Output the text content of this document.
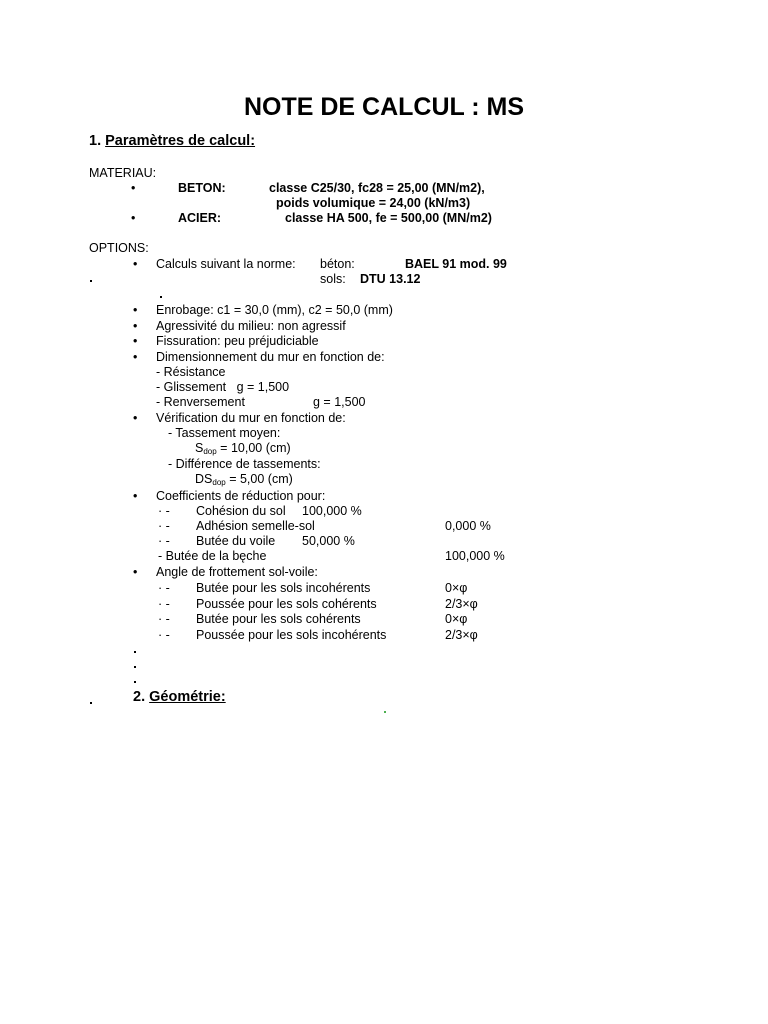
NOTE DE CALCUL : MS
1. Paramètres de calcul:
MATERIAU:
•	BETON:	classe C25/30, fc28 = 25,00 (MN/m2),
poids volumique = 24,00 (kN/m3)
•	ACIER:	classe HA 500, fe = 500,00 (MN/m2)
OPTIONS:
• Calculs suivant la norme: béton:	BAEL 91 mod. 99
sols: DTU 13.12
• Enrobage: c1 = 30,0 (mm), c2 = 50,0 (mm)
• Agressivité du milieu: non agressif
• Fissuration: peu préjudiciable
• Dimensionnement du mur en fonction de:
- Résistance
- Glissement   g = 1,500
- Renversement	g = 1,500
• Vérification du mur en fonction de:
- Tassement moyen:
$S_{dop} = 10,00$ (cm)
- Différence de tassements:
$DS_{dop} = 5,00$ (cm)
• Coefficients de réduction pour:
· - Cohésion du sol 100,000 %
· - Adhésion semelle-sol	0,000 %
· - Butée du voile 50,000 %
- Butée de la bęche	100,000 %
• Angle de frottement sol-voile:
· - Butée pour les sols incohérents	0×φ
· - Poussée pour les sols cohérents	2/3×φ
· - Butée pour les sols cohérents	0×φ
· - Poussée pour les sols incohérents	2/3×φ
2. Géométrie:
